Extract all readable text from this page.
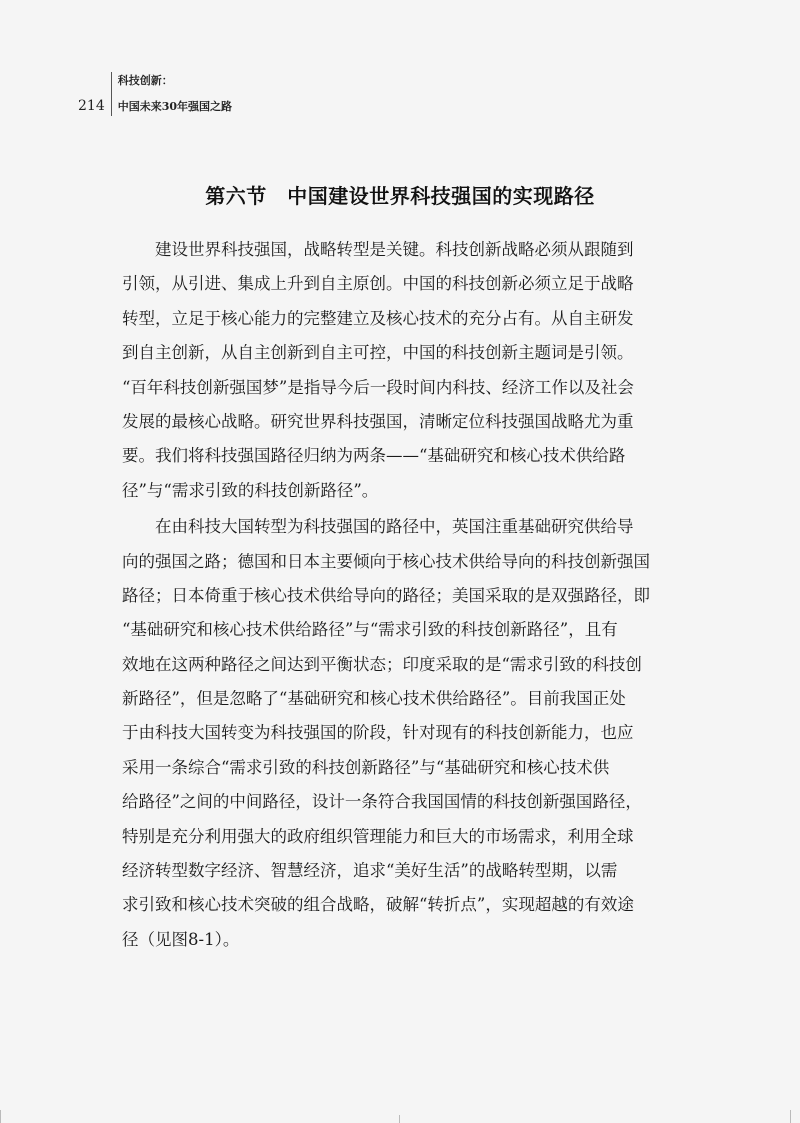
214
科技创新：
中国未来30年强国之路
第六节　中国建设世界科技强国的实现路径
　　建设世界科技强国，战略转型是关键。科技创新战略必须从跟随到
引领，从引进、集成上升到自主原创。中国的科技创新必须立足于战略
转型，立足于核心能力的完整建立及核心技术的充分占有。从自主研发
到自主创新，从自主创新到自主可控，中国的科技创新主题词是引领。
“百年科技创新强国梦”是指导今后一段时间内科技、经济工作以及社会
发展的最核心战略。研究世界科技强国，清晰定位科技强国战略尤为重
要。我们将科技强国路径归纳为两条——“基础研究和核心技术供给路
径”与“需求引致的科技创新路径”。
　　在由科技大国转型为科技强国的路径中，英国注重基础研究供给导
向的强国之路；德国和日本主要倾向于核心技术供给导向的科技创新强国
路径；日本倚重于核心技术供给导向的路径；美国采取的是双强路径，即
“基础研究和核心技术供给路径”与“需求引致的科技创新路径”，且有
效地在这两种路径之间达到平衡状态；印度采取的是“需求引致的科技创
新路径”，但是忽略了“基础研究和核心技术供给路径”。目前我国正处
于由科技大国转变为科技强国的阶段，针对现有的科技创新能力，也应
采用一条综合“需求引致的科技创新路径”与“基础研究和核心技术供
给路径”之间的中间路径，设计一条符合我国国情的科技创新强国路径，
特别是充分利用强大的政府组织管理能力和巨大的市场需求，利用全球
经济转型数字经济、智慧经济，追求“美好生活”的战略转型期，以需
求引致和核心技术突破的组合战略，破解“转折点”，实现超越的有效途
径（见图8-1）。
